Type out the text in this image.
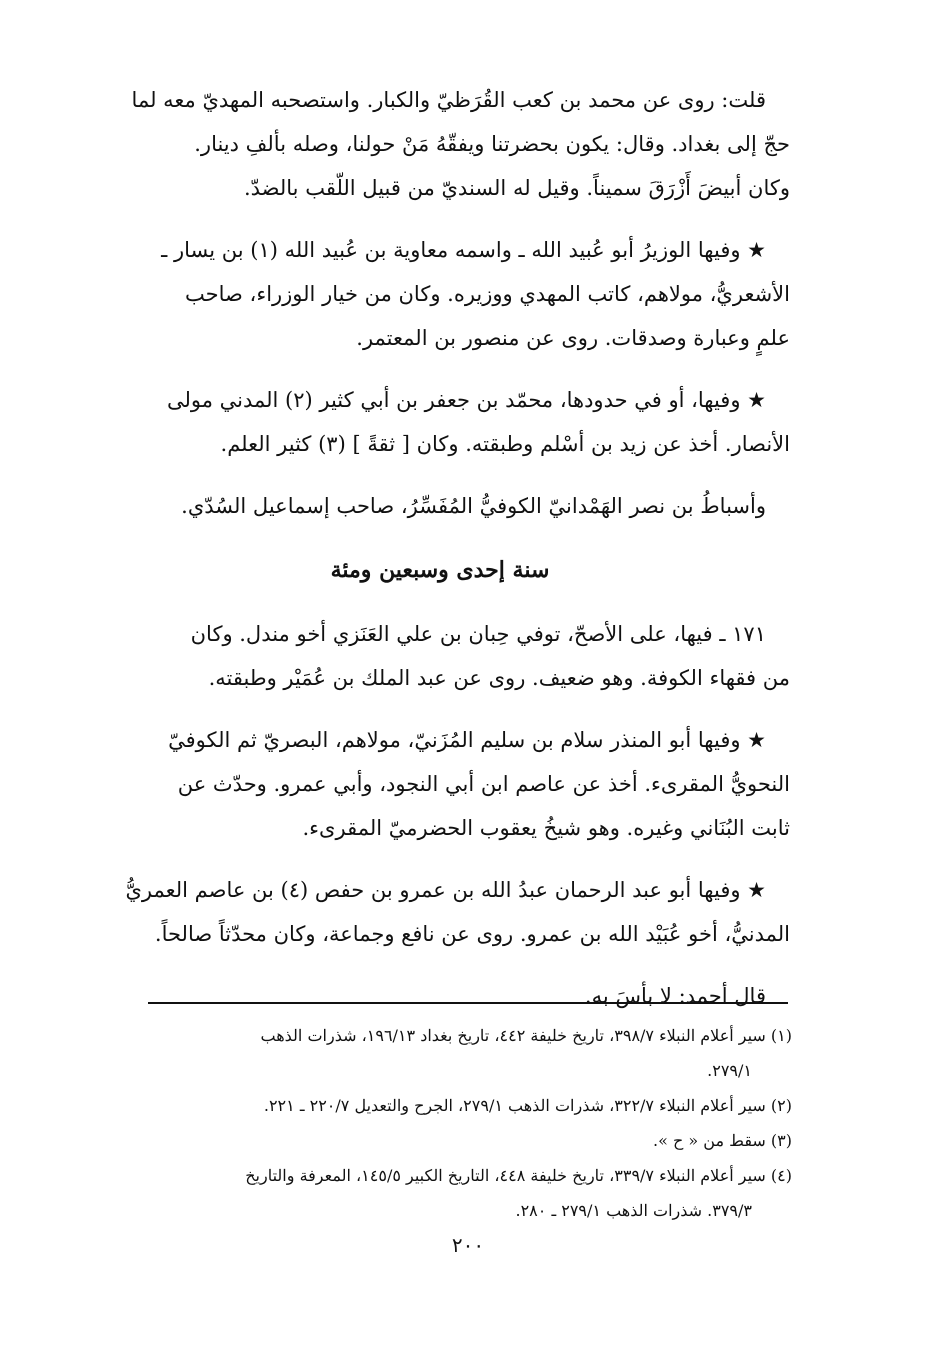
قلت: روى عن محمد بن كعب القُرَظيّ والكبار. واستصحبه المهديّ معه لما
حجّ إلى بغداد. وقال: يكون بحضرتنا ويفقّهُ مَنْ حولنا، وصله بألفِ دينار.
وكان أبيضَ أَزْرَقَ سميناً. وقيل له السنديّ من قبيل اللّقب بالضدّ.

★ وفيها الوزيرُ أبو عُبيد الله ـ واسمه معاوية بن عُبيد الله (١) بن يسار ـ
الأشعريُّ، مولاهم، كاتب المهدي ووزيره. وكان من خيار الوزراء، صاحب
علمٍ وعبارة وصدقات. روى عن منصور بن المعتمر.

★ وفيها، أو في حدودها، محمّد بن جعفر بن أبي كثير (٢) المدني مولى
الأنصار. أخذ عن زيد بن أسْلم وطبقته. وكان [ ثقةً ] (٣) كثير العلم.

وأسباطُ بن نصر الهَمْدانيّ الكوفيُّ المُفَسِّرُ، صاحب إسماعيل السُدّي.

سنة إحدى وسبعين ومئة

١٧١ ـ فيها، على الأصحّ، توفي حِبان بن علي العَنَزي أخو مندل. وكان
من فقهاء الكوفة. وهو ضعيف. روى عن عبد الملك بن عُمَيْر وطبقته.

★ وفيها أبو المنذر سلام بن سليم المُزَنيّ، مولاهم، البصريّ ثم الكوفيّ
النحويُّ المقرىء. أخذ عن عاصم ابن أبي النجود، وأبي عمرو. وحدّث عن
ثابت البُنَاني وغيره. وهو شيخُ يعقوب الحضرميّ المقرىء.

★ وفيها أبو عبد الرحمان عبدُ الله بن عمرو بن حفص (٤) بن عاصم العمريُّ
المدنيُّ، أخو عُبَيْد الله بن عمرو. روى عن نافع وجماعة، وكان محدّثاً صالحاً.

قال أحمد: لا بأسَ به.

(١) سير أعلام النبلاء ٣٩٨/٧، تاريخ خليفة ٤٤٢، تاريخ بغداد ١٩٦/١٣، شذرات الذهب
٢٧٩/١.
(٢) سير أعلام النبلاء ٣٢٢/٧، شذرات الذهب ٢٧٩/١، الجرح والتعديل ٢٢٠/٧ ـ ٢٢١.
(٣) سقط من « ح ».
(٤) سير أعلام النبلاء ٣٣٩/٧، تاريخ خليفة ٤٤٨، التاريخ الكبير ١٤٥/٥، المعرفة والتاريخ
٣٧٩/٣. شذرات الذهب ٢٧٩/١ ـ ٢٨٠.
٢٠٠
